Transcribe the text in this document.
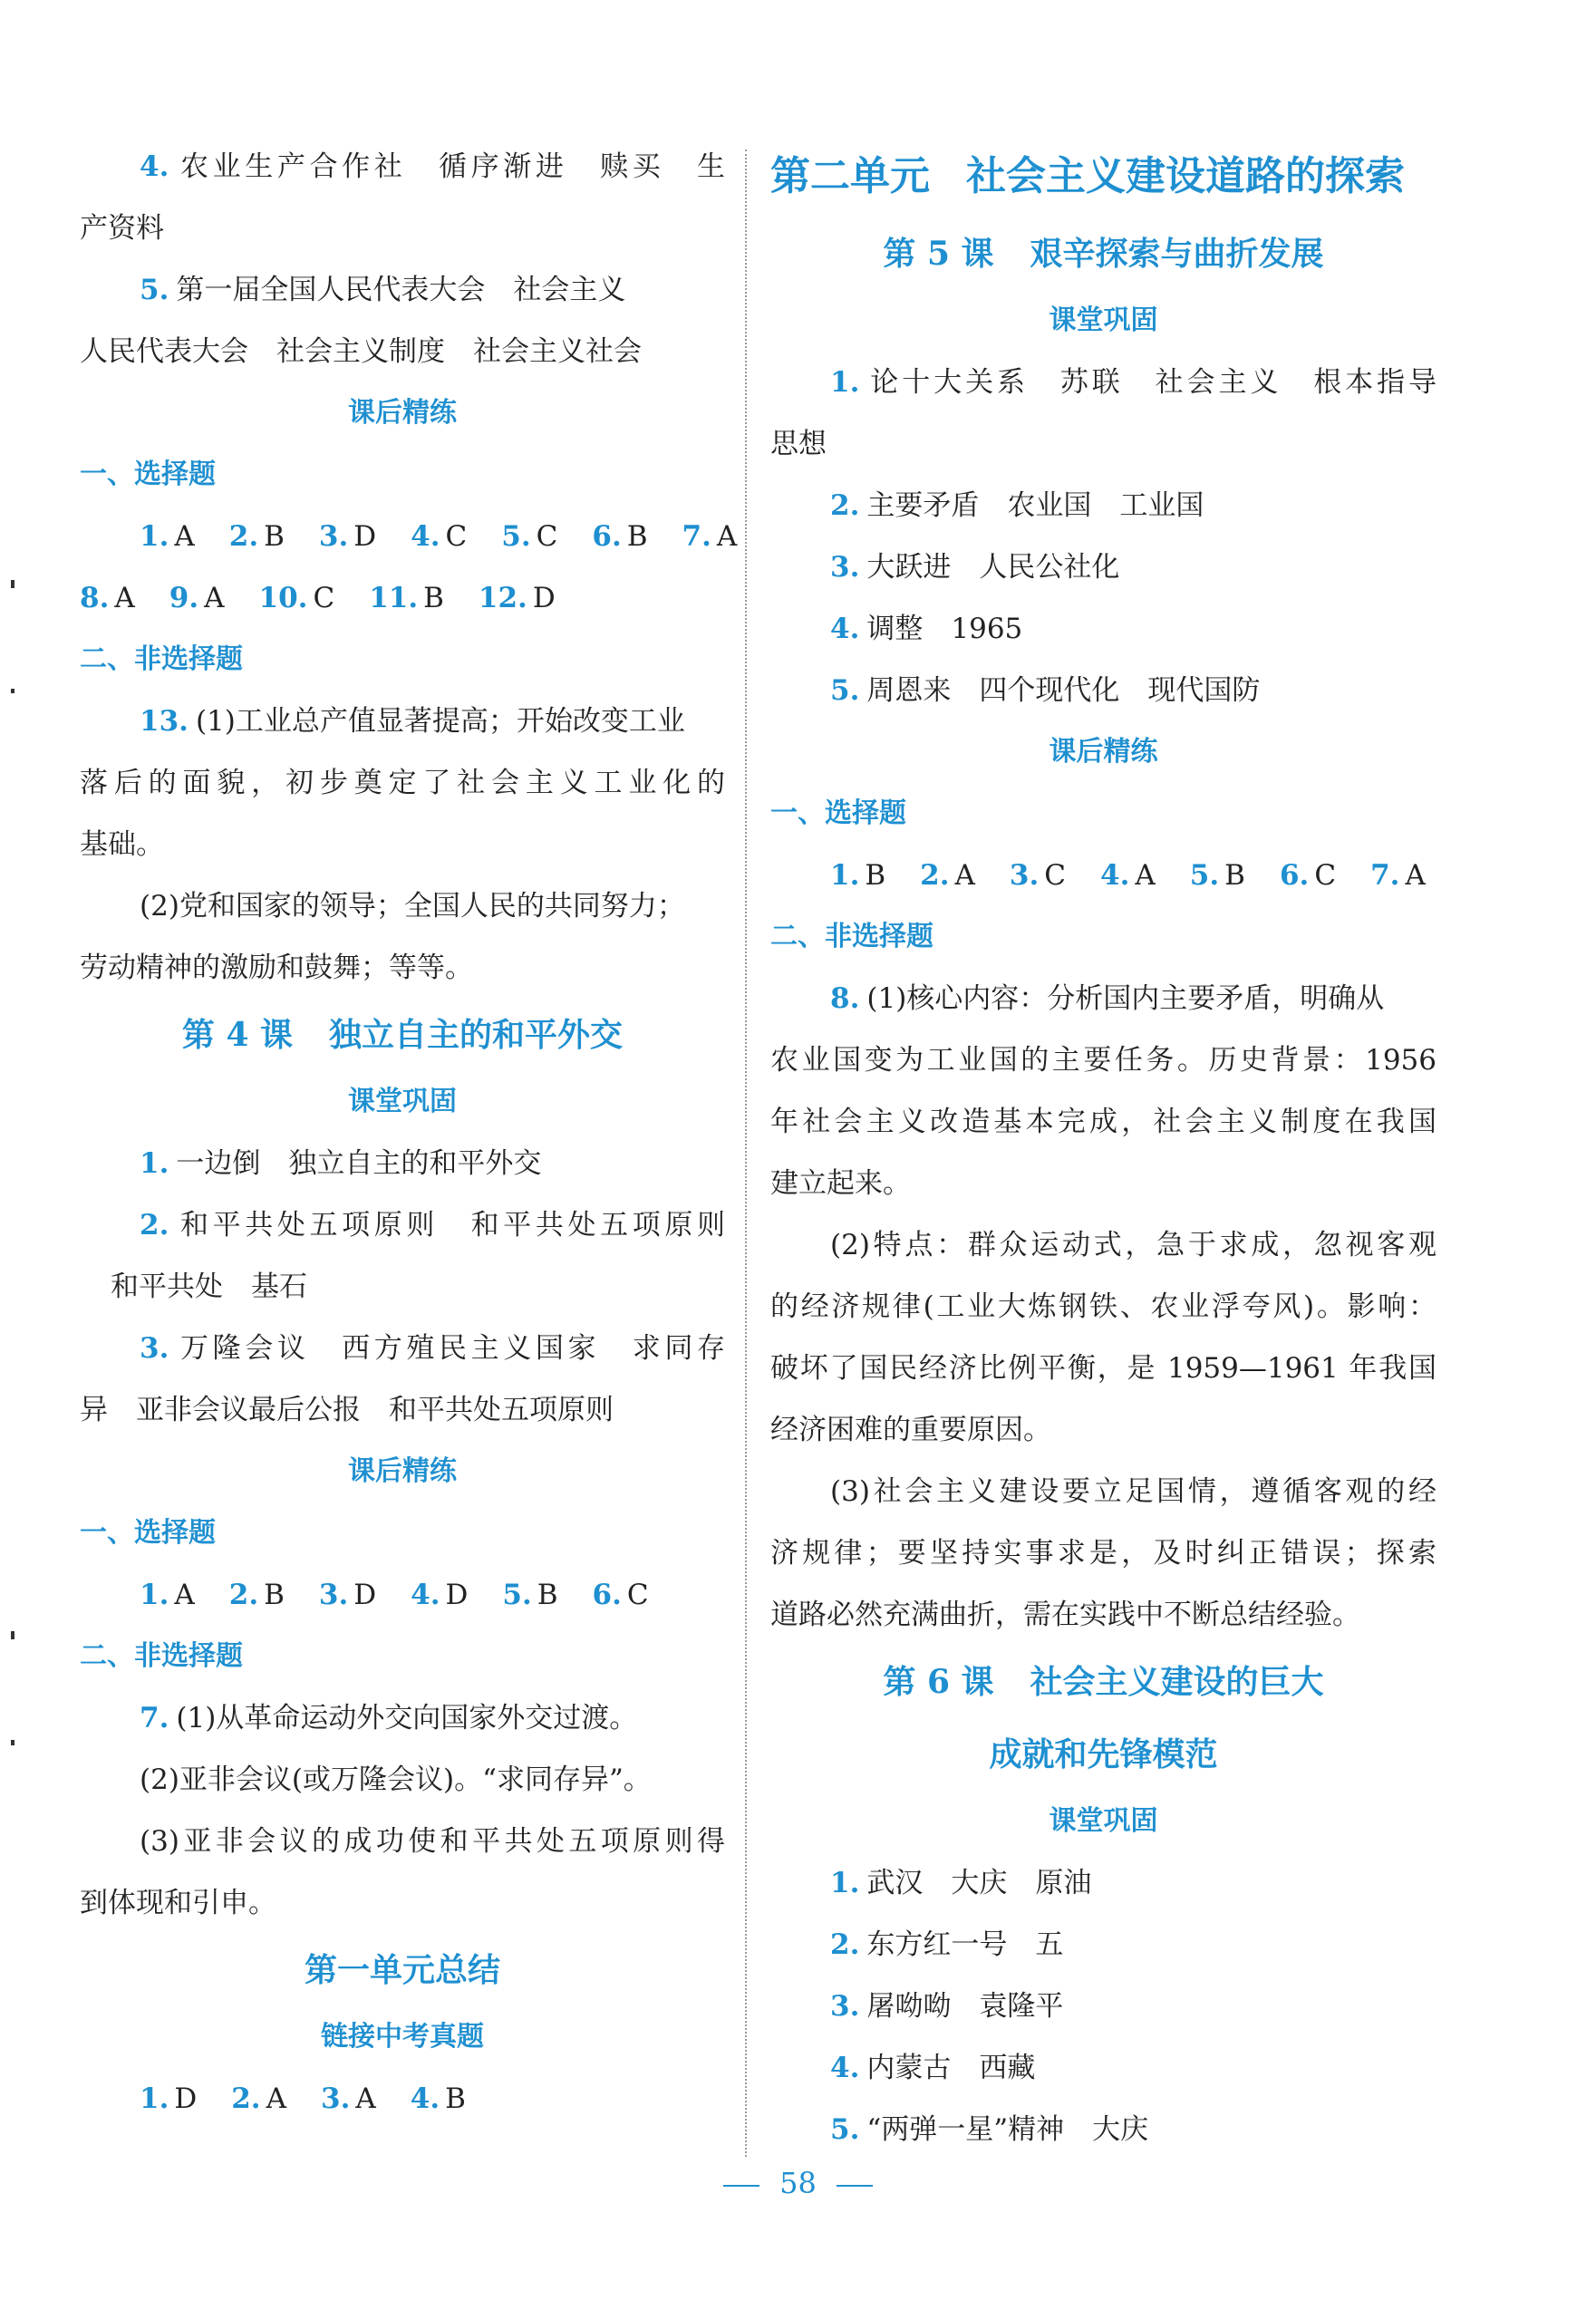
4. 农业生产合作社　循序渐进　赎买　生
产资料
5. 第一届全国人民代表大会　社会主义
人民代表大会　社会主义制度　社会主义社会
课后精练
一、选择题
1. A 2. B 3. D 4. C 5. C 6. B 7. A
8. A 9. A 10. C 11. B 12. D
二、非选择题
13. (1)工业总产值显著提高；开始改变工业
落后的面貌，初步奠定了社会主义工业化的
基础。
(2)党和国家的领导；全国人民的共同努力；
劳动精神的激励和鼓舞；等等。
第 4 课 独立自主的和平外交
课堂巩固
1. 一边倒　独立自主的和平外交
2. 和平共处五项原则　和平共处五项原则
和平共处　基石
3. 万隆会议　西方殖民主义国家　求同存
异　亚非会议最后公报　和平共处五项原则
课后精练
一、选择题
1. A 2. B 3. D 4. D 5. B 6. C
二、非选择题
7. (1)从革命运动外交向国家外交过渡。
(2)亚非会议(或万隆会议)。“求同存异”。
(3)亚非会议的成功使和平共处五项原则得
到体现和引申。
第一单元总结
链接中考真题
1. D 2. A 3. A 4. B
第二单元 社会主义建设道路的探索
第 5 课 艰辛探索与曲折发展
课堂巩固
1. 论十大关系　苏联　社会主义　根本指导
思想
2. 主要矛盾　农业国　工业国
3. 大跃进　人民公社化
4. 调整　1965
5. 周恩来　四个现代化　现代国防
课后精练
一、选择题
1. B 2. A 3. C 4. A 5. B 6. C 7. A
二、非选择题
8. (1)核心内容：分析国内主要矛盾，明确从
农业国变为工业国的主要任务。历史背景：1956
年社会主义改造基本完成，社会主义制度在我国
建立起来。
(2)特点：群众运动式，急于求成，忽视客观
的经济规律(工业大炼钢铁、农业浮夸风)。影响：
破坏了国民经济比例平衡，是 1959—1961 年我国
经济困难的重要原因。
(3)社会主义建设要立足国情，遵循客观的经
济规律；要坚持实事求是，及时纠正错误；探索
道路必然充满曲折，需在实践中不断总结经验。
第 6 课 社会主义建设的巨大
成就和先锋模范
课堂巩固
1. 武汉　大庆　原油
2. 东方红一号　五
3. 屠呦呦　袁隆平
4. 内蒙古　西藏
5. “两弹一星”精神　大庆
58
